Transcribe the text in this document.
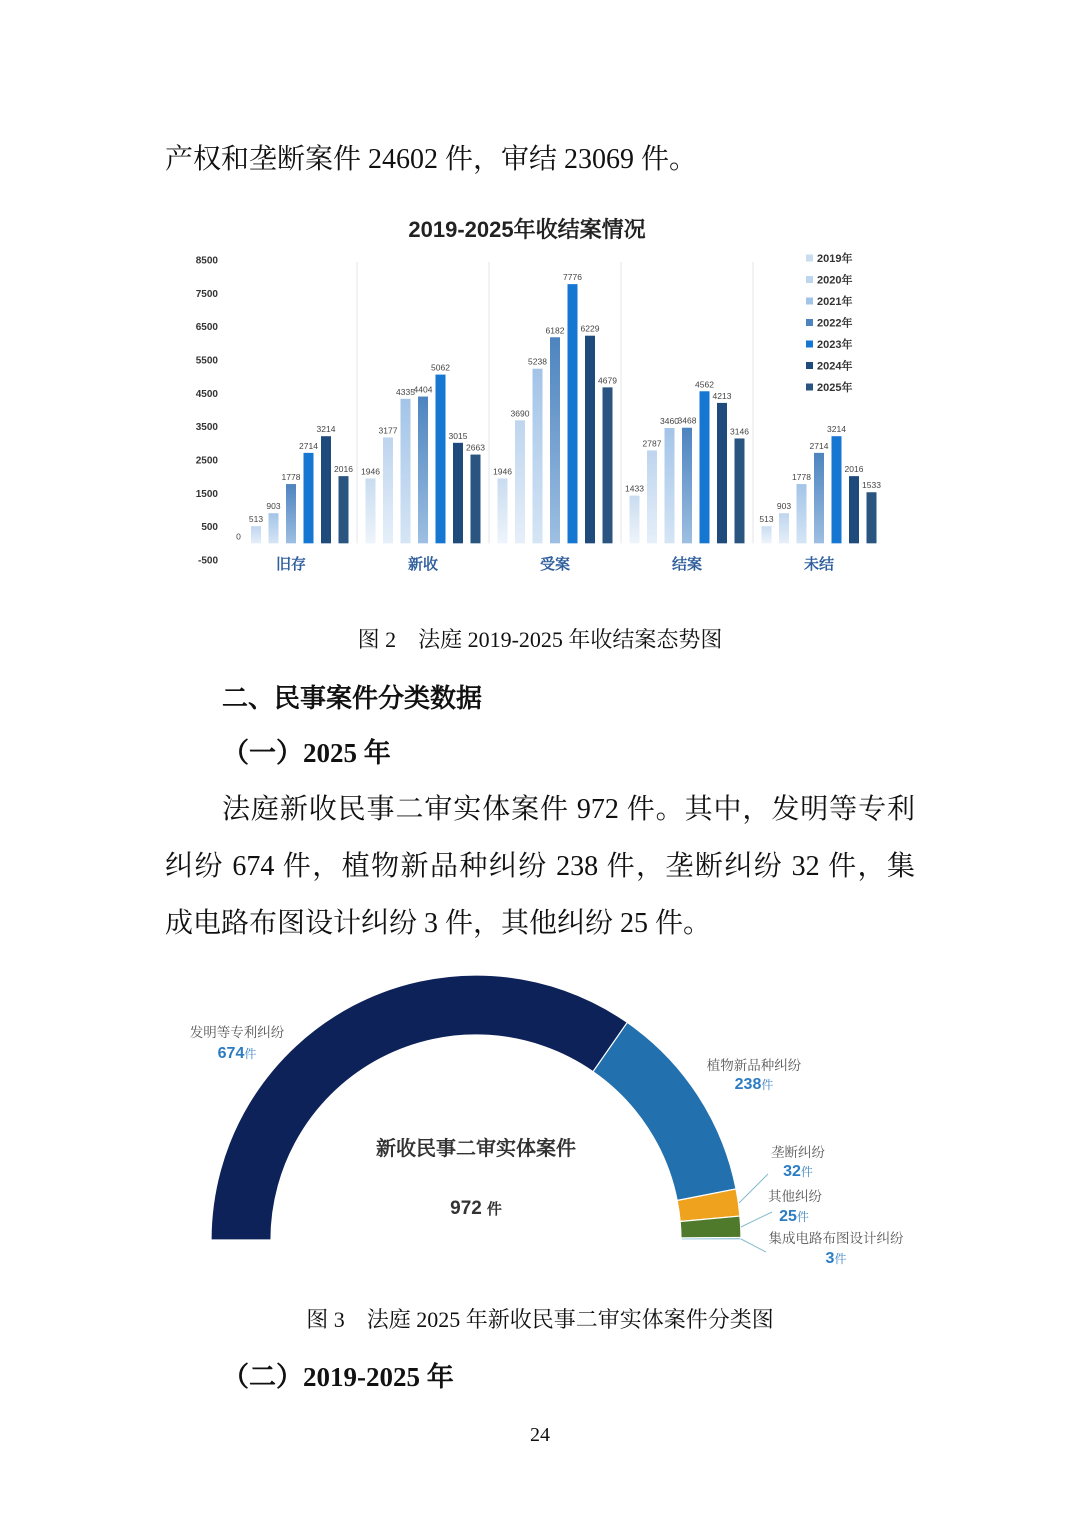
产权和垄断案件 24602 件，审结 23069 件。
2019-2025年收结案情况
8500
7500
6500
5500
4500
3500
2500
1500
500
-500
0
1946	1946
1433
513
513
3177
3690
2787
903
903
4335
5238
3460
1778
1778
4404
6182
3468
2714
2714
5062
7776
4562
3214
3214
3015
6229
4213
2016
2016
2663
4679
3146
1533
旧存	新收	受案	结案	未结
2019年
2020年
2021年
2022年
2023年
2024年
2025年
图 2　法庭 2019-2025 年收结案态势图
二、民事案件分类数据
（一）2025 年
法庭新收民事二审实体案件 972 件。其中，发明等专利
纠纷 674 件，植物新品种纠纷 238 件，垄断纠纷 32 件，集
成电路布图设计纠纷 3 件，其他纠纷 25 件。
新收民事二审实体案件
972 件
发明等专利纠纷
674件
植物新品种纠纷
238件
垄断纠纷
32件
其他纠纷
25件
集成电路布图设计纠纷
3件
图 3　法庭 2025 年新收民事二审实体案件分类图
（二）2019-2025 年
24
